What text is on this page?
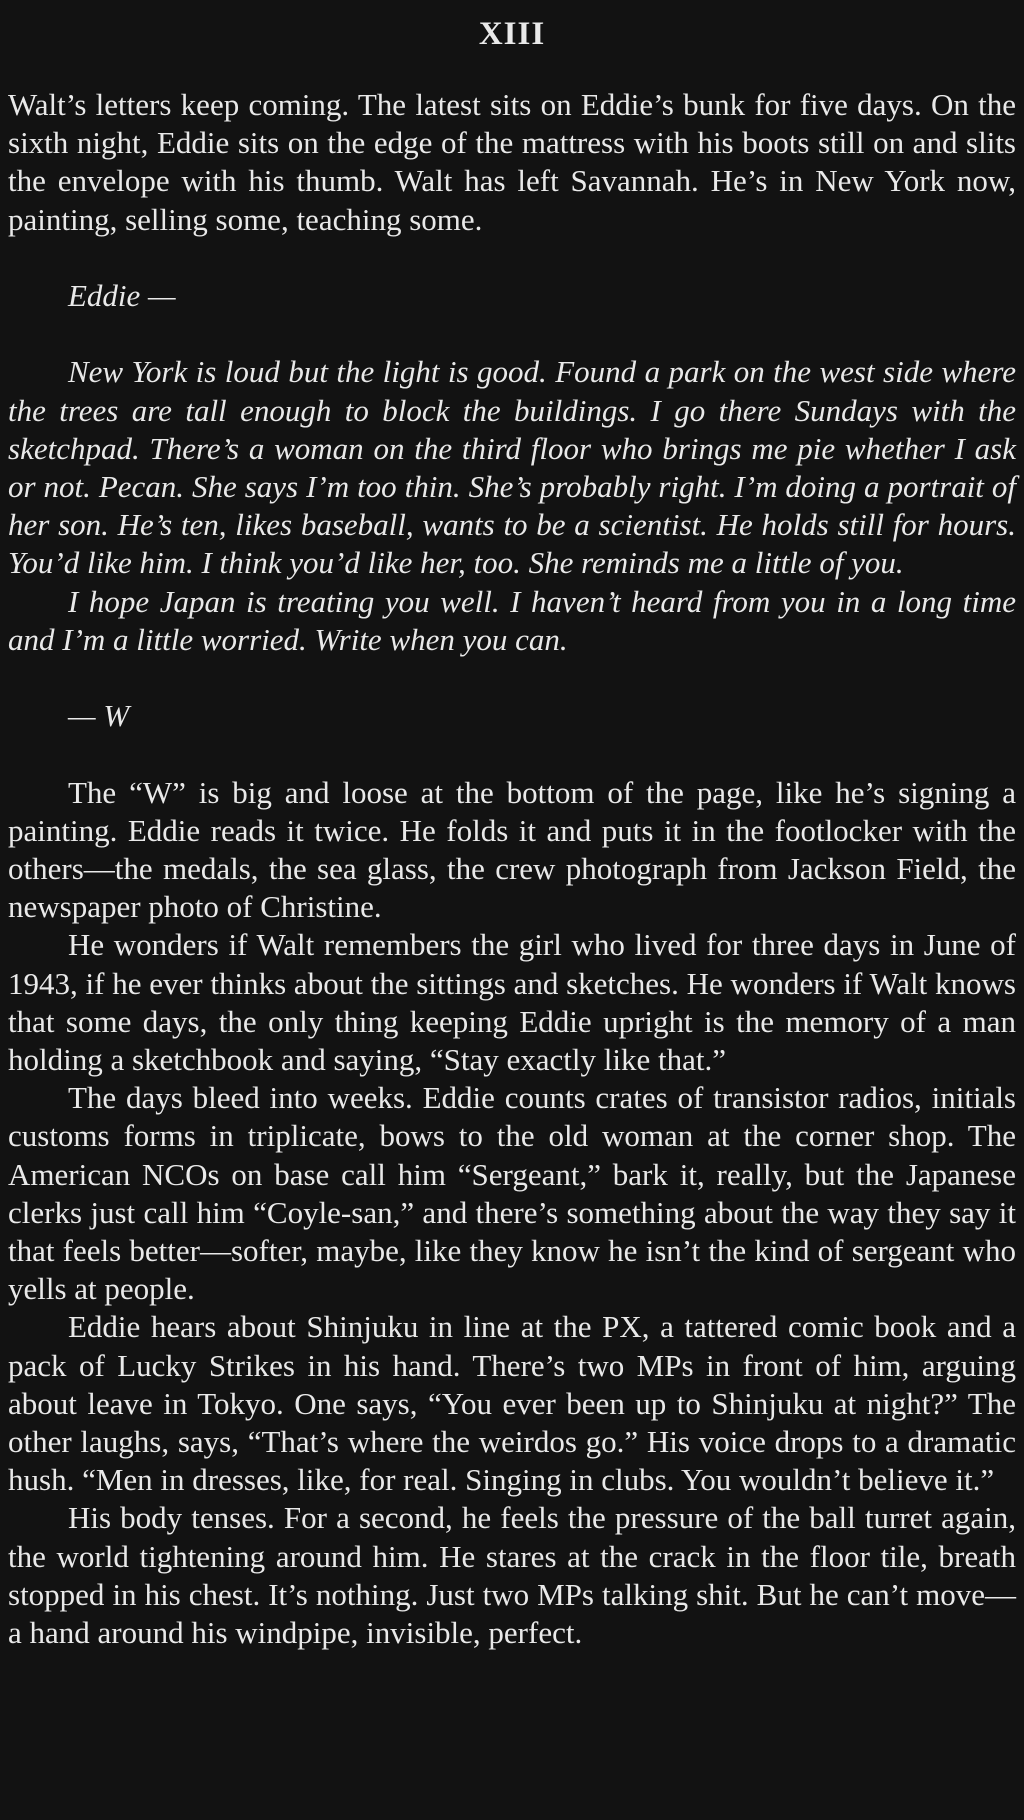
XIII

Walt’s letters keep coming. The latest sits on Eddie’s bunk for five days. On the sixth night, Eddie sits on the edge of the mattress with his boots still on and slits the envelope with his thumb. Walt has left Savannah. He’s in New York now, painting, selling some, teaching some.

Eddie —

New York is loud but the light is good. Found a park on the west side where the trees are tall enough to block the buildings. I go there Sundays with the sketchpad. There’s a woman on the third floor who brings me pie whether I ask or not. Pecan. She says I’m too thin. She’s probably right. I’m doing a portrait of her son. He’s ten, likes baseball, wants to be a scientist. He holds still for hours. You’d like him. I think you’d like her, too. She reminds me a little of you.

I hope Japan is treating you well. I haven’t heard from you in a long time and I’m a little worried. Write when you can.

— W

The “W” is big and loose at the bottom of the page, like he’s signing a painting. Eddie reads it twice. He folds it and puts it in the footlocker with the others—the medals, the sea glass, the crew photograph from Jackson Field, the newspaper photo of Christine.

He wonders if Walt remembers the girl who lived for three days in June of 1943, if he ever thinks about the sittings and sketches. He wonders if Walt knows that some days, the only thing keeping Eddie upright is the memory of a man holding a sketchbook and saying, “Stay exactly like that.”

The days bleed into weeks. Eddie counts crates of transistor radios, initials customs forms in triplicate, bows to the old woman at the corner shop. The American NCOs on base call him “Sergeant,” bark it, really, but the Japanese clerks just call him “Coyle-san,” and there’s something about the way they say it that feels better—softer, maybe, like they know he isn’t the kind of sergeant who yells at people.

Eddie hears about Shinjuku in line at the PX, a tattered comic book and a pack of Lucky Strikes in his hand. There’s two MPs in front of him, arguing about leave in Tokyo. One says, “You ever been up to Shinjuku at night?” The other laughs, says, “That’s where the weirdos go.” His voice drops to a dramatic hush. “Men in dresses, like, for real. Singing in clubs. You wouldn’t believe it.”

His body tenses. For a second, he feels the pressure of the ball turret again, the world tightening around him. He stares at the crack in the floor tile, breath stopped in his chest. It’s nothing. Just two MPs talking shit. But he can’t move—a hand around his windpipe, invisible, perfect.
